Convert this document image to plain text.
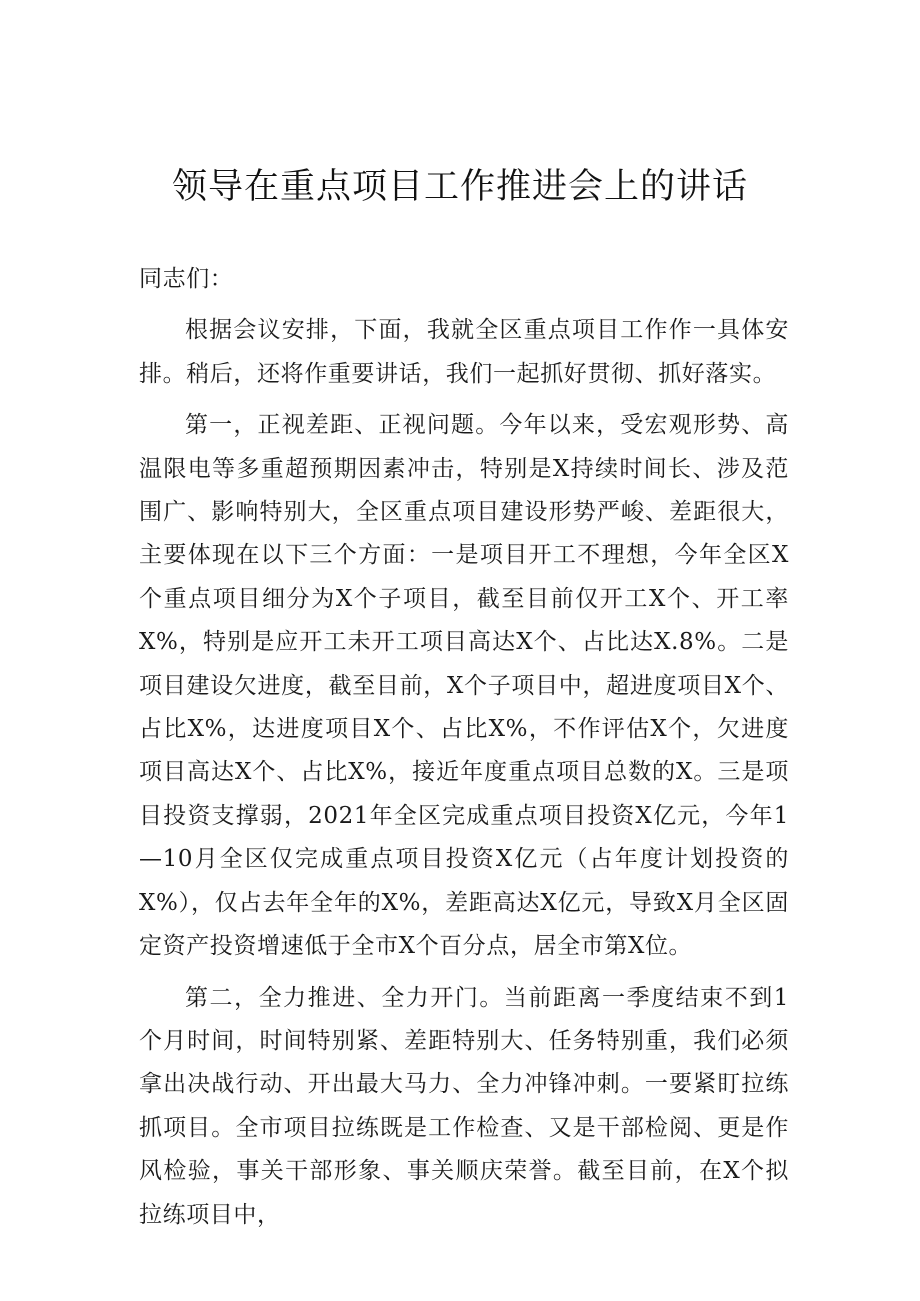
领导在重点项目工作推进会上的讲话

同志们：

根据会议安排，下面，我就全区重点项目工作作一具体安排。稍后，还将作重要讲话，我们一起抓好贯彻、抓好落实。

第一，正视差距、正视问题。今年以来，受宏观形势、高温限电等多重超预期因素冲击，特别是X持续时间长、涉及范围广、影响特别大，全区重点项目建设形势严峻、差距很大，主要体现在以下三个方面：一是项目开工不理想，今年全区X个重点项目细分为X个子项目，截至目前仅开工X个、开工率X%，特别是应开工未开工项目高达X个、占比达X.8%。二是项目建设欠进度，截至目前，X个子项目中，超进度项目X个、占比X%，达进度项目X个、占比X%，不作评估X个，欠进度项目高达X个、占比X%，接近年度重点项目总数的X。三是项目投资支撑弱，2021年全区完成重点项目投资X亿元，今年1—10月全区仅完成重点项目投资X亿元（占年度计划投资的X%），仅占去年全年的X%，差距高达X亿元，导致X月全区固定资产投资增速低于全市X个百分点，居全市第X位。

第二，全力推进、全力开门。当前距离一季度结束不到1个月时间，时间特别紧、差距特别大、任务特别重，我们必须拿出决战行动、开出最大马力、全力冲锋冲刺。一要紧盯拉练抓项目。全市项目拉练既是工作检查、又是干部检阅、更是作风检验，事关干部形象、事关顺庆荣誉。截至目前，在X个拟拉练项目中，
